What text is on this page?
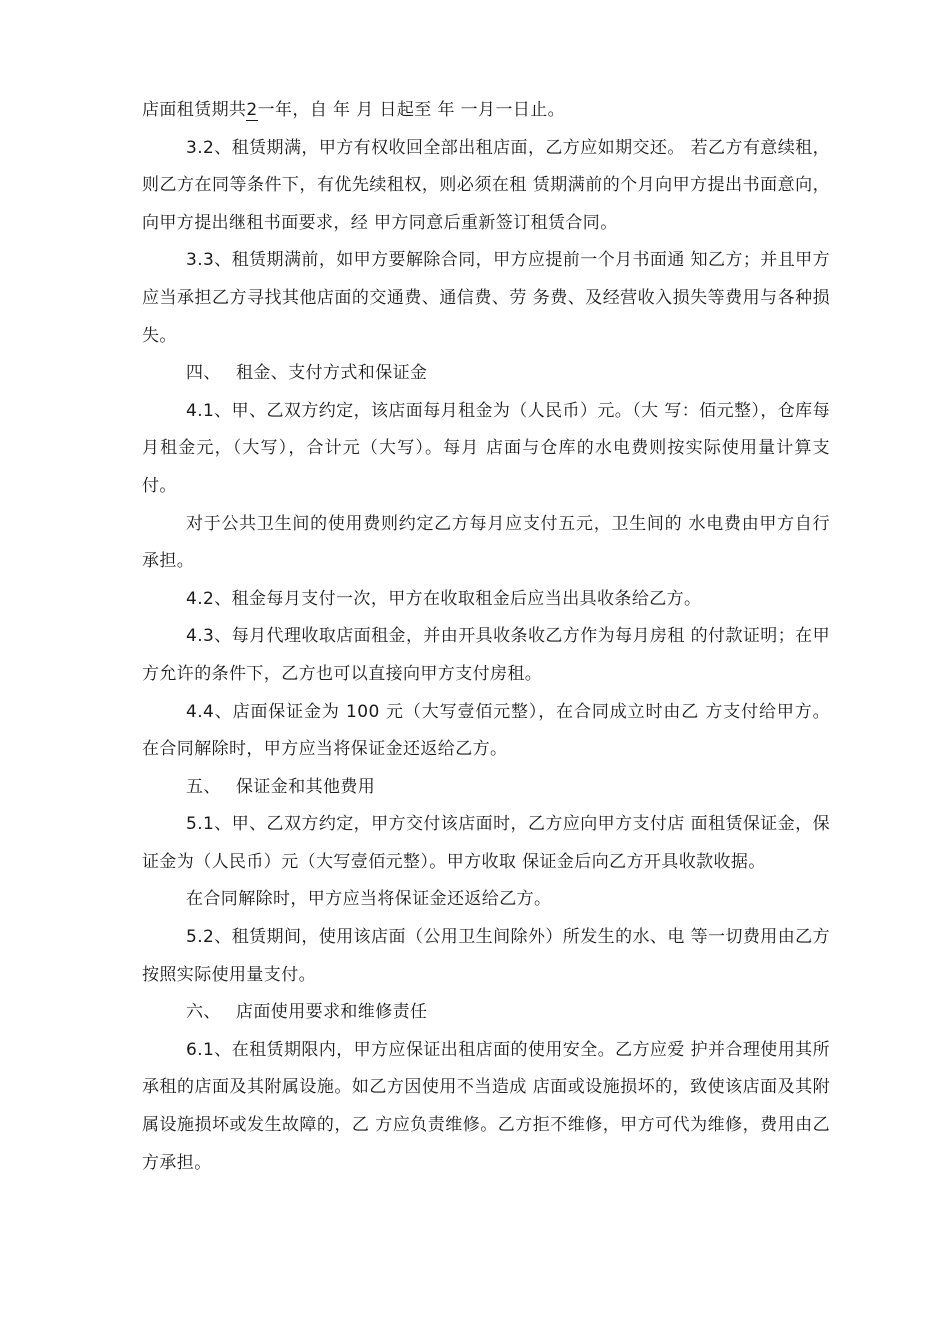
店面租赁期共2一年，自 年 月 日起至 年 一月一日止。

3.2、租赁期满，甲方有权收回全部出租店面，乙方应如期交还。 若乙方有意续租，则乙方在同等条件下，有优先续租权，则必须在租 赁期满前的个月向甲方提出书面意向，向甲方提出继租书面要求，经 甲方同意后重新签订租赁合同。

3.3、租赁期满前，如甲方要解除合同，甲方应提前一个月书面通 知乙方；并且甲方应当承担乙方寻找其他店面的交通费、通信费、劳 务费、及经营收入损失等费用与各种损失。

四、 租金、支付方式和保证金

4.1、甲、乙双方约定，该店面每月租金为（人民币）元。（大 写：佰元整），仓库每月租金元，（大写），合计元（大写）。每月 店面与仓库的水电费则按实际使用量计算支付。

对于公共卫生间的使用费则约定乙方每月应支付五元，卫生间的 水电费由甲方自行承担。

4.2、租金每月支付一次，甲方在收取租金后应当出具收条给乙方。

4.3、每月代理收取店面租金，并由开具收条收乙方作为每月房租 的付款证明；在甲方允许的条件下，乙方也可以直接向甲方支付房租。

4.4、店面保证金为 100 元（大写壹佰元整），在合同成立时由乙 方支付给甲方。在合同解除时，甲方应当将保证金还返给乙方。

五、 保证金和其他费用

5.1、甲、乙双方约定，甲方交付该店面时，乙方应向甲方支付店 面租赁保证金，保证金为（人民币）元（大写壹佰元整）。甲方收取 保证金后向乙方开具收款收据。

在合同解除时，甲方应当将保证金还返给乙方。

5.2、租赁期间，使用该店面（公用卫生间除外）所发生的水、电 等一切费用由乙方按照实际使用量支付。

六、 店面使用要求和维修责任

6.1、在租赁期限内，甲方应保证出租店面的使用安全。乙方应爱 护并合理使用其所承租的店面及其附属设施。如乙方因使用不当造成 店面或设施损坏的，致使该店面及其附属设施损坏或发生故障的，乙 方应负责维修。乙方拒不维修，甲方可代为维修，费用由乙方承担。
